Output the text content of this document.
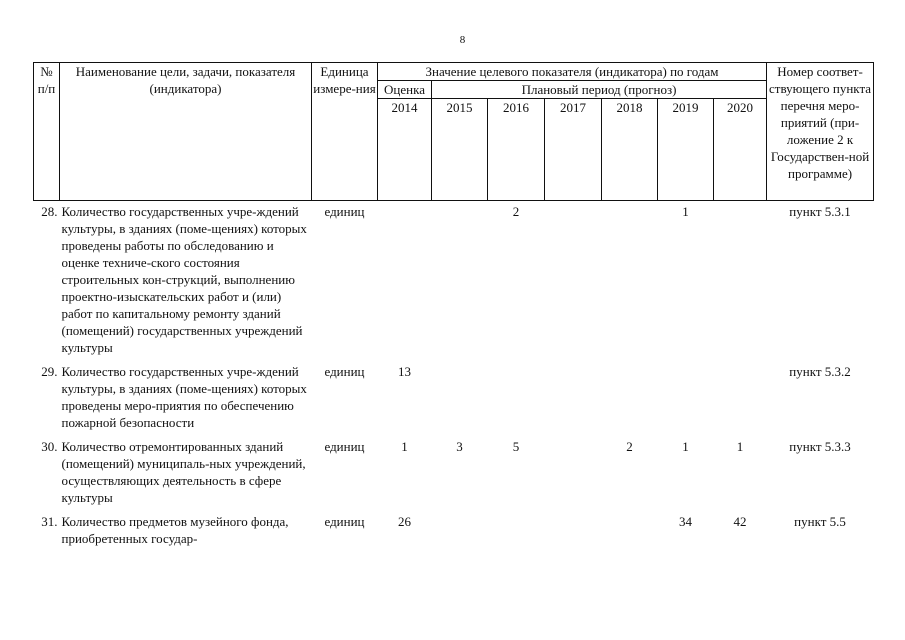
8
№ п/п	Наименование цели, задачи, показателя (индикатора)	Единица измере-ния	Значение целевого показателя (индикатора) по годам							Номер соответ-ствующего пункта перечня меро-приятий (при-ложение 2 к Государствен-ной программе)
			Оценка	Плановый период (прогноз)						
			2014	2015	2016	2017	2018	2019	2020	
28.	Количество государственных учре-ждений культуры, в зданиях (поме-щениях) которых проведены работы по обследованию и оценке техниче-ского состояния строительных кон-струкций, выполнению проектно-изыскательских работ и (или) работ по капитальному ремонту зданий (помещений) государственных учреждений культуры	единиц			2			1		пункт 5.3.1
29.	Количество государственных учре-ждений культуры, в зданиях (поме-щениях) которых проведены меро-приятия по обеспечению пожарной безопасности	единиц	13							пункт 5.3.2
30.	Количество отремонтированных зданий (помещений) муниципаль-ных учреждений, осуществляющих деятельность в сфере культуры	единиц	1	3	5		2	1	1	пункт 5.3.3
31.	Количество предметов музейного фонда, приобретенных государ-	единиц	26					34	42	пункт 5.5
